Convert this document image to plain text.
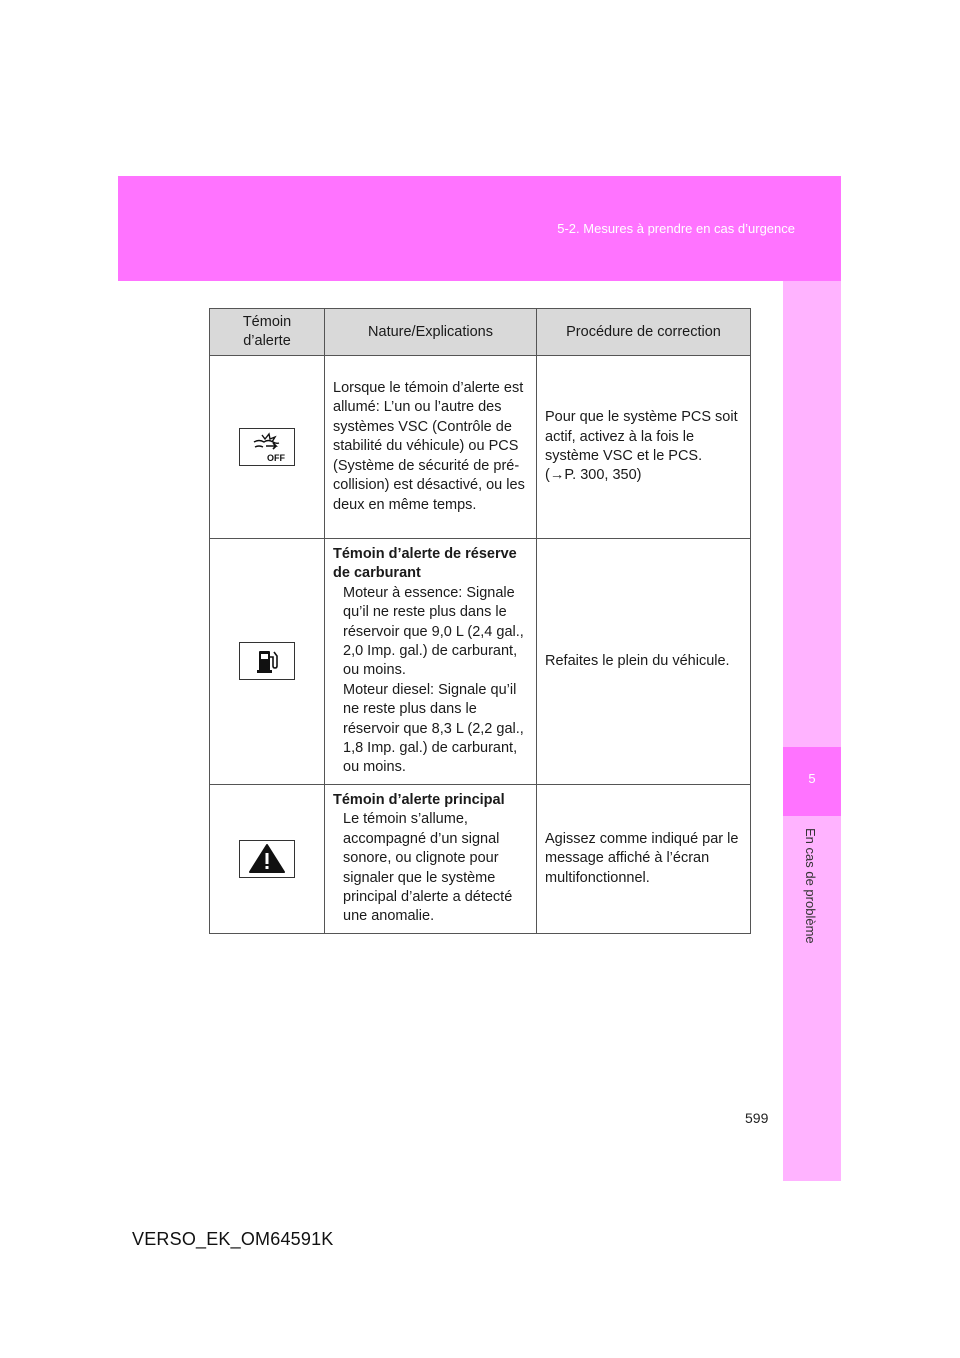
5-2. Mesures à prendre en cas d’urgence
5
En cas de problème
Témoin d’alerte	Nature/Explications	Procédure de correction

OFF	Lorsque le témoin d’alerte est allumé: L’un ou l’autre des systèmes VSC (Contrôle de stabilité du véhicule) ou PCS (Système de sécurité de pré-collision) est désactivé, ou les deux en même temps.	Pour que le système PCS soit actif, activez à la fois le système VSC et le PCS.
(→P. 300, 350)

Témoin d’alerte de réserve de carburant
Moteur à essence: Signale qu’il ne reste plus dans le réservoir que 9,0 L (2,4 gal., 2,0 Imp. gal.) de carburant, ou moins.
Moteur diesel: Signale qu’il ne reste plus dans le réservoir que 8,3 L (2,2 gal., 1,8 Imp. gal.) de carburant, ou moins.	Refaites le plein du véhicule.

Témoin d’alerte principal
Le témoin s’allume, accompagné d’un signal sonore, ou clignote pour signaler que le système principal d’alerte a détecté une anomalie.	Agissez comme indiqué par le message affiché à l’écran multifonctionnel.
599
VERSO_EK_OM64591K
